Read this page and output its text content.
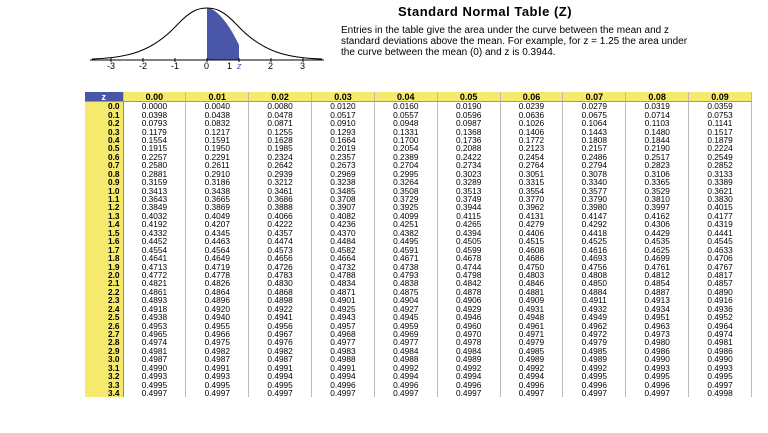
-3	-2	-1	0 1 z	2	3
Standard Normal Table (Z)
Entries in the table give the area under the curve between the mean and z standard deviations above the mean. For example, for z = 1.25 the area under the curve between the mean (0) and z is 0.3944.
z	0.00	0.01	0.02	0.03	0.04	0.05	0.06	0.07	0.08	0.09
0.0	0.0000	0.0040	0.0080	0.0120	0.0160	0.0190	0.0239	0.0279	0.0319	0.0359
0.1	0.0398	0.0438	0.0478	0.0517	0.0557	0.0596	0.0636	0.0675	0.0714	0.0753
0.2	0.0793	0.0832	0.0871	0.0910	0.0948	0.0987	0.1026	0.1064	0.1103	0.1141
0.3	0.1179	0.1217	0.1255	0.1293	0.1331	0.1368	0.1406	0.1443	0.1480	0.1517
0.4	0.1554	0.1591	0.1628	0.1664	0.1700	0.1736	0.1772	0.1808	0.1844	0.1879
0.5	0.1915	0.1950	0.1985	0.2019	0.2054	0.2088	0.2123	0.2157	0.2190	0.2224
0.6	0.2257	0.2291	0.2324	0.2357	0.2389	0.2422	0.2454	0.2486	0.2517	0.2549
0.7	0.2580	0.2611	0.2642	0.2673	0.2704	0.2734	0.2764	0.2794	0.2823	0.2852
0.8	0.2881	0.2910	0.2939	0.2969	0.2995	0.3023	0.3051	0.3078	0.3106	0.3133
0.9	0.3159	0.3186	0.3212	0.3238	0.3264	0.3289	0.3315	0.3340	0.3365	0.3389
1.0	0.3413	0.3438	0.3461	0.3485	0.3508	0.3513	0.3554	0.3577	0.3529	0.3621
1.1	0.3643	0.3665	0.3686	0.3708	0.3729	0.3749	0.3770	0.3790	0.3810	0.3830
1.2	0.3849	0.3869	0.3888	0.3907	0.3925	0.3944	0.3962	0.3980	0.3997	0.4015
1.3	0.4032	0.4049	0.4066	0.4082	0.4099	0.4115	0.4131	0.4147	0.4162	0.4177
1.4	0.4192	0.4207	0.4222	0.4236	0.4251	0.4265	0.4279	0.4292	0.4306	0.4319
1.5	0.4332	0.4345	0.4357	0.4370	0.4382	0.4394	0.4406	0.4418	0.4429	0.4441
1.6	0.4452	0.4463	0.4474	0.4484	0.4495	0.4505	0.4515	0.4525	0.4535	0.4545
1.7	0.4554	0.4564	0.4573	0.4582	0.4591	0.4599	0.4608	0.4616	0.4625	0.4633
1.8	0.4641	0.4649	0.4656	0.4664	0.4671	0.4678	0.4686	0.4693	0.4699	0.4706
1.9	0.4713	0.4719	0.4726	0.4732	0.4738	0.4744	0.4750	0.4756	0.4761	0.4767
2.0	0.4772	0.4778	0.4783	0.4788	0.4793	0.4798	0.4803	0.4808	0.4812	0.4817
2.1	0.4821	0.4826	0.4830	0.4834	0.4838	0.4842	0.4846	0.4850	0.4854	0.4857
2.2	0.4861	0.4864	0.4868	0.4871	0.4875	0.4878	0.4881	0.4884	0.4887	0.4890
2.3	0.4893	0.4896	0.4898	0.4901	0.4904	0.4906	0.4909	0.4911	0.4913	0.4916
2.4	0.4918	0.4920	0.4922	0.4925	0.4927	0.4929	0.4931	0.4932	0.4934	0.4936
2.5	0.4938	0.4940	0.4941	0.4943	0.4945	0.4946	0.4948	0.4949	0.4951	0.4952
2.6	0.4953	0.4955	0.4956	0.4957	0.4959	0.4960	0.4961	0.4962	0.4963	0.4964
2.7	0.4965	0.4966	0.4967	0.4968	0.4969	0.4970	0.4971	0.4972	0.4973	0.4974
2.8	0.4974	0.4975	0.4976	0.4977	0.4977	0.4978	0.4979	0.4979	0.4980	0.4981
2.9	0.4981	0.4982	0.4982	0.4983	0.4984	0.4984	0.4985	0.4985	0.4986	0.4986
3.0	0.4987	0.4987	0.4987	0.4988	0.4988	0.4989	0.4989	0.4989	0.4990	0.4990
3.1	0.4990	0.4991	0.4991	0.4991	0.4992	0.4992	0.4992	0.4992	0.4993	0.4993
3.2	0.4993	0.4993	0.4994	0.4994	0.4994	0.4994	0.4994	0.4995	0.4995	0.4995
3.3	0.4995	0.4995	0.4995	0.4996	0.4996	0.4996	0.4996	0.4996	0.4996	0.4997
3.4	0.4997	0.4997	0.4997	0.4997	0.4997	0.4997	0.4997	0.4997	0.4997	0.4998
